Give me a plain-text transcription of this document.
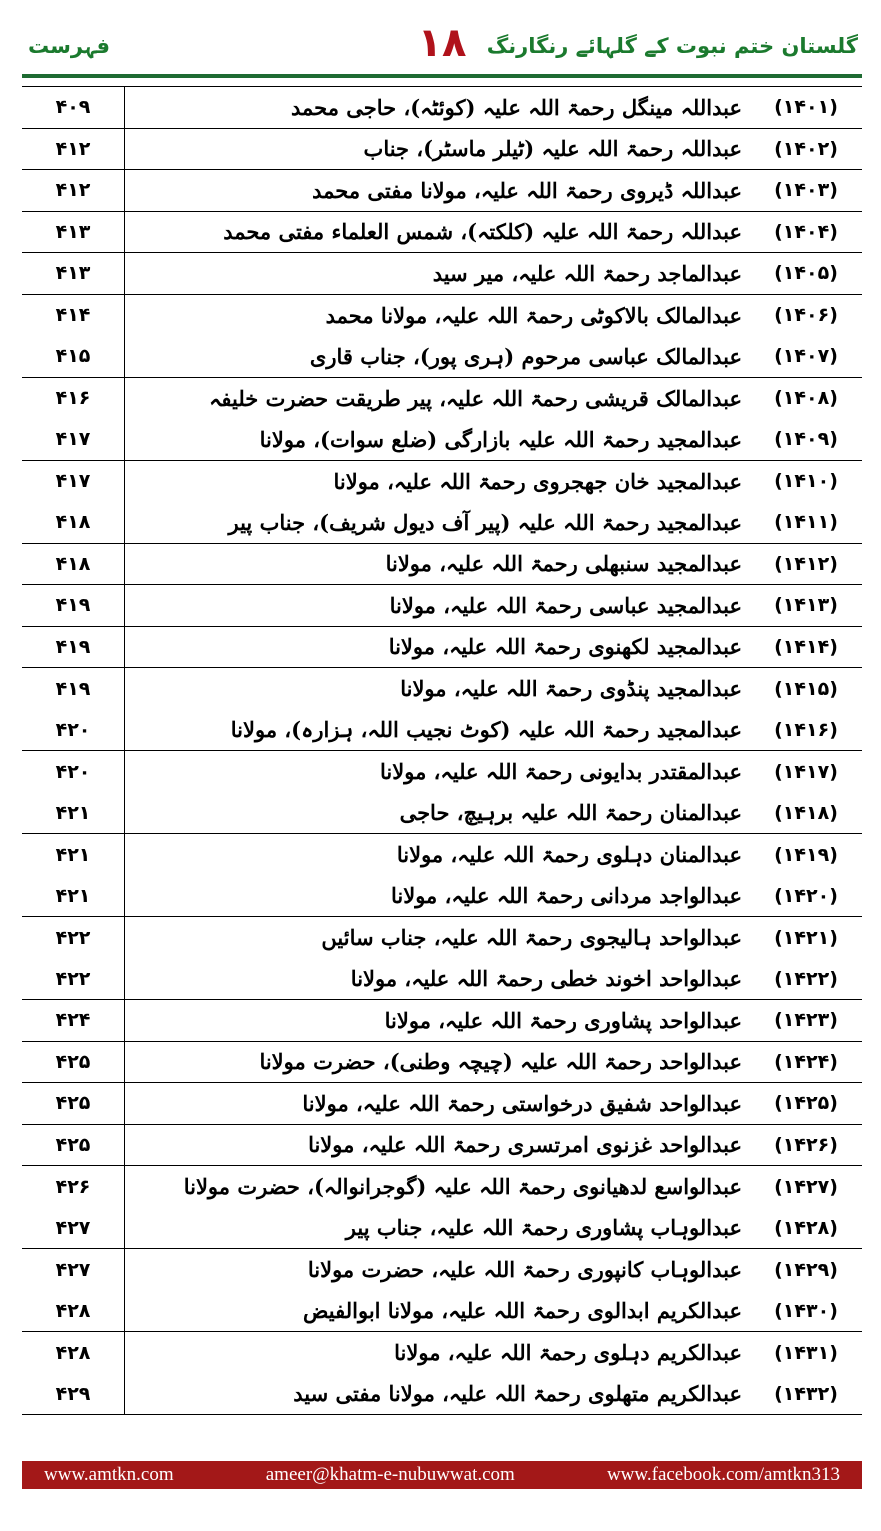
فہرست	۱۸ گلستان ختم نبوت کے گلہائے رنگارنگ
۴۰۹	عبداللہ مینگل رحمۃ اللہ علیہ (کوئٹہ)، حاجی محمد	(۱۴۰۱)
۴۱۲	عبداللہ رحمۃ اللہ علیہ (ٹیلر ماسٹر)، جناب	(۱۴۰۲)
۴۱۲	عبداللہ ڈیروی رحمۃ اللہ علیہ، مولانا مفتی محمد	(۱۴۰۳)
۴۱۳	عبداللہ رحمۃ اللہ علیہ (کلکتہ)، شمس العلماء مفتی محمد	(۱۴۰۴)
۴۱۳	عبدالماجد رحمۃ اللہ علیہ، میر سید	(۱۴۰۵)
۴۱۴	عبدالمالک بالاکوٹی رحمۃ اللہ علیہ، مولانا محمد	(۱۴۰۶)
۴۱۵	عبدالمالک عباسی مرحوم (ہری پور)، جناب قاری	(۱۴۰۷)
۴۱۶	عبدالمالک قریشی رحمۃ اللہ علیہ، پیر طریقت حضرت خلیفہ	(۱۴۰۸)
۴۱۷	عبدالمجید رحمۃ اللہ علیہ بازارگی (ضلع سوات)، مولانا	(۱۴۰۹)
۴۱۷	عبدالمجید خان جھجروی رحمۃ اللہ علیہ، مولانا	(۱۴۱۰)
۴۱۸	عبدالمجید رحمۃ اللہ علیہ (پیر آف دیول شریف)، جناب پیر	(۱۴۱۱)
۴۱۸	عبدالمجید سنبھلی رحمۃ اللہ علیہ، مولانا	(۱۴۱۲)
۴۱۹	عبدالمجید عباسی رحمۃ اللہ علیہ، مولانا	(۱۴۱۳)
۴۱۹	عبدالمجید لکھنوی رحمۃ اللہ علیہ، مولانا	(۱۴۱۴)
۴۱۹	عبدالمجید پنڈوی رحمۃ اللہ علیہ، مولانا	(۱۴۱۵)
۴۲۰	عبدالمجید رحمۃ اللہ علیہ (کوٹ نجیب اللہ، ہزارہ)، مولانا	(۱۴۱۶)
۴۲۰	عبدالمقتدر بدایونی رحمۃ اللہ علیہ، مولانا	(۱۴۱۷)
۴۲۱	عبدالمنان رحمۃ اللہ علیہ برہیچ، حاجی	(۱۴۱۸)
۴۲۱	عبدالمنان دہلوی رحمۃ اللہ علیہ، مولانا	(۱۴۱۹)
۴۲۱	عبدالواجد مردانی رحمۃ اللہ علیہ، مولانا	(۱۴۲۰)
۴۲۲	عبدالواحد ہالیجوی رحمۃ اللہ علیہ، جناب سائیں	(۱۴۲۱)
۴۲۲	عبدالواحد اخوند خطی رحمۃ اللہ علیہ، مولانا	(۱۴۲۲)
۴۲۴	عبدالواحد پشاوری رحمۃ اللہ علیہ، مولانا	(۱۴۲۳)
۴۲۵	عبدالواحد رحمۃ اللہ علیہ (چیچہ وطنی)، حضرت مولانا	(۱۴۲۴)
۴۲۵	عبدالواحد شفیق درخواستی رحمۃ اللہ علیہ، مولانا	(۱۴۲۵)
۴۲۵	عبدالواحد غزنوی امرتسری رحمۃ اللہ علیہ، مولانا	(۱۴۲۶)
۴۲۶	عبدالواسع لدھیانوی رحمۃ اللہ علیہ (گوجرانوالہ)، حضرت مولانا	(۱۴۲۷)
۴۲۷	عبدالوہاب پشاوری رحمۃ اللہ علیہ، جناب پیر	(۱۴۲۸)
۴۲۷	عبدالوہاب کانپوری رحمۃ اللہ علیہ، حضرت مولانا	(۱۴۲۹)
۴۲۸	عبدالکریم ابدالوی رحمۃ اللہ علیہ، مولانا ابوالفیض	(۱۴۳۰)
۴۲۸	عبدالکریم دہلوی رحمۃ اللہ علیہ، مولانا	(۱۴۳۱)
۴۲۹	عبدالکریم متھلوی رحمۃ اللہ علیہ، مولانا مفتی سید	(۱۴۳۲)
www.amtkn.com	ameer@khatm-e-nubuwwat.com	www.facebook.com/amtkn313
